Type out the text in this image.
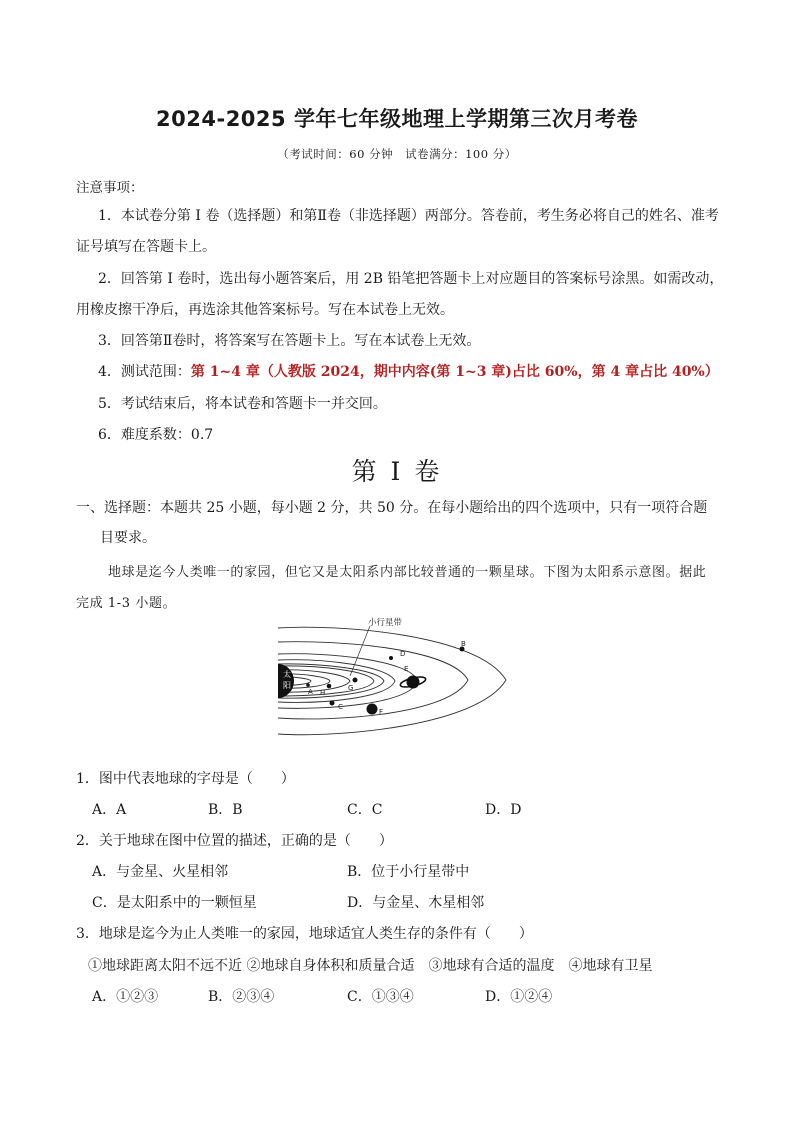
2024-2025 学年七年级地理上学期第三次月考卷
（考试时间：60 分钟　试卷满分：100 分）
注意事项：
1．本试卷分第 I 卷（选择题）和第Ⅱ卷（非选择题）两部分。答卷前，考生务必将自己的姓名、准考
证号填写在答题卡上。
2．回答第 I 卷时，选出每小题答案后，用 2B 铅笔把答题卡上对应题目的答案标号涂黑。如需改动，
用橡皮擦干净后，再选涂其他答案标号。写在本试卷上无效。
3．回答第Ⅱ卷时，将答案写在答题卡上。写在本试卷上无效。
4．测试范围：第 1~4 章（人教版 2024，期中内容(第 1~3 章)占比 60%，第 4 章占比 40%）
5．考试结束后，将本试卷和答题卡一并交回。
6．难度系数：0.7
第 I 卷
一、选择题：本题共 25 小题，每小题 2 分，共 50 分。在每小题给出的四个选项中，只有一项符合题
目要求。
地球是迄今人类唯一的家园，但它又是太阳系内部比较普通的一颗星球。下图为太阳系示意图。据此
完成 1-3 小题。
太
阳
小行星带
A H
C
G
D
E
F
B
1．图中代表地球的字母是（　　）
A．A	B．B	C．C	D．D
2．关于地球在图中位置的描述，正确的是（　　）
A．与金星、火星相邻	B．位于小行星带中
C．是太阳系中的一颗恒星	D．与金星、木星相邻
3．地球是迄今为止人类唯一的家园，地球适宜人类生存的条件有（　　）
①地球距离太阳不远不近 ②地球自身体积和质量合适　③地球有合适的温度　④地球有卫星
A．①②③	B．②③④	C．①③④	D．①②④
